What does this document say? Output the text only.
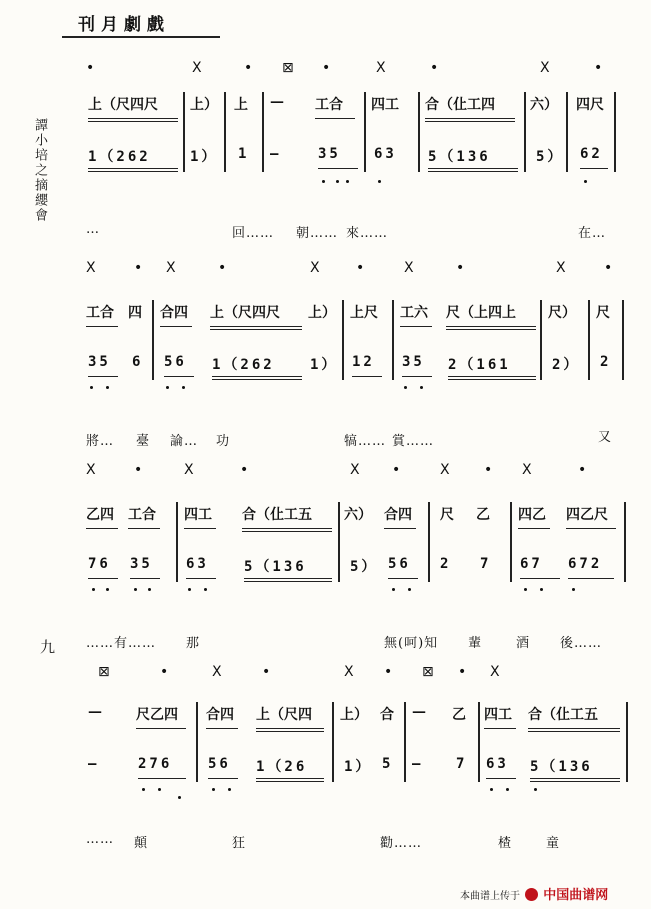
刊月劇戲
譚小培之摘纓會
九
•	X	• ⊠ •	X	•	X	•
上（尺四尺 上） 上 — 工合 四工 合（仩工四	六） 四尺
1（262	1） 1 —	35 63 5（136	5） 62
…	回…… 朝…… 來……	在…
X	• X	•	X	•	X	•	X	•
工合 四 合四 上（尺四尺 上） 上尺 工六 尺（上四上 尺） 尺
35 6 56 1（262	1） 12 35 2（161	2） 2
將… 臺 論… 功	犒…… 賞……	又
X	•	X	•	X •	X • X	•
乙四 工合 四工 合（仩工五 六） 合四 尺 乙 四乙 四乙尺
76 35 63	5（136	5） 56 2 7 67 672
……有…… 那	無(呵)知 輩	酒 後……
⊠	•	X	•	X • ⊠ • X
— 尺乙四 合四 上（尺四 上） 合 — 乙 四工 合（仩工五
—	276	56 1（26	1） 5 — 7 63 5（136
…… 顛	狂	勸……	楂	童
本曲谱上传于 中国曲谱网
